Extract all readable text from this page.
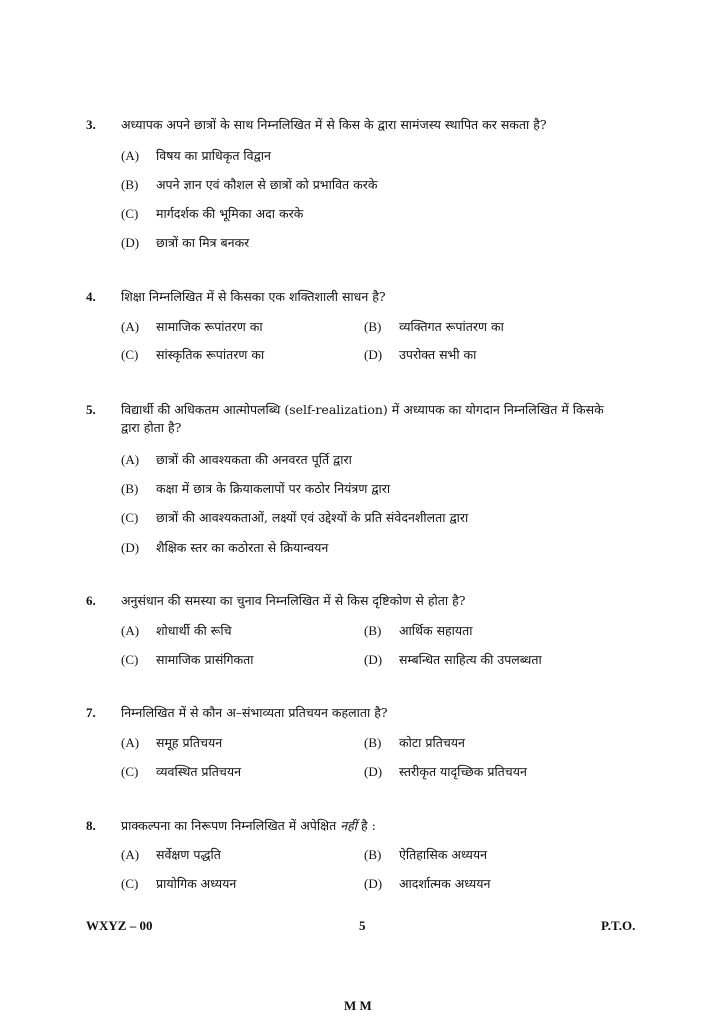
3. अध्यापक अपने छात्रों के साथ निम्नलिखित में से किस के द्वारा सामंजस्य स्थापित कर सकता है?
(A) विषय का प्राधिकृत विद्वान
(B) अपने ज्ञान एवं कौशल से छात्रों को प्रभावित करके
(C) मार्गदर्शक की भूमिका अदा करके
(D) छात्रों का मित्र बनकर
4. शिक्षा निम्नलिखित में से किसका एक शक्तिशाली साधन है?
(A) सामाजिक रूपांतरण का	(B) व्यक्तिगत रूपांतरण का
(C) सांस्कृतिक रूपांतरण का	(D) उपरोक्त सभी का
5. विद्यार्थी की अधिकतम आत्मोपलब्धि (self-realization) में अध्यापक का योगदान निम्नलिखित में किसके
द्वारा होता है?
(A) छात्रों की आवश्यकता की अनवरत पूर्ति द्वारा
(B) कक्षा में छात्र के क्रियाकलापों पर कठोर नियंत्रण द्वारा
(C) छात्रों की आवश्यकताओं, लक्ष्यों एवं उद्देश्यों के प्रति संवेदनशीलता द्वारा
(D) शैक्षिक स्तर का कठोरता से क्रियान्वयन
6. अनुसंधान की समस्या का चुनाव निम्नलिखित में से किस दृष्टिकोण से होता है?
(A) शोधार्थी की रूचि	(B) आर्थिक सहायता
(C) सामाजिक प्रासंगिकता	(D) सम्बन्धित साहित्य की उपलब्धता
7. निम्नलिखित में से कौन अ–संभाव्यता प्रतिचयन कहलाता है?
(A) समूह प्रतिचयन	(B) कोटा प्रतिचयन
(C) व्यवस्थित प्रतिचयन	(D) स्तरीकृत यादृच्छिक प्रतिचयन
8. प्राक्कल्पना का निरूपण निम्नलिखित में अपेक्षित नहीं है :
(A) सर्वेक्षण पद्धति	(B) ऐतिहासिक अध्ययन
(C) प्रायोगिक अध्ययन	(D) आदर्शात्मक अध्ययन
WXYZ – 00	5	P.T.O.
M M
